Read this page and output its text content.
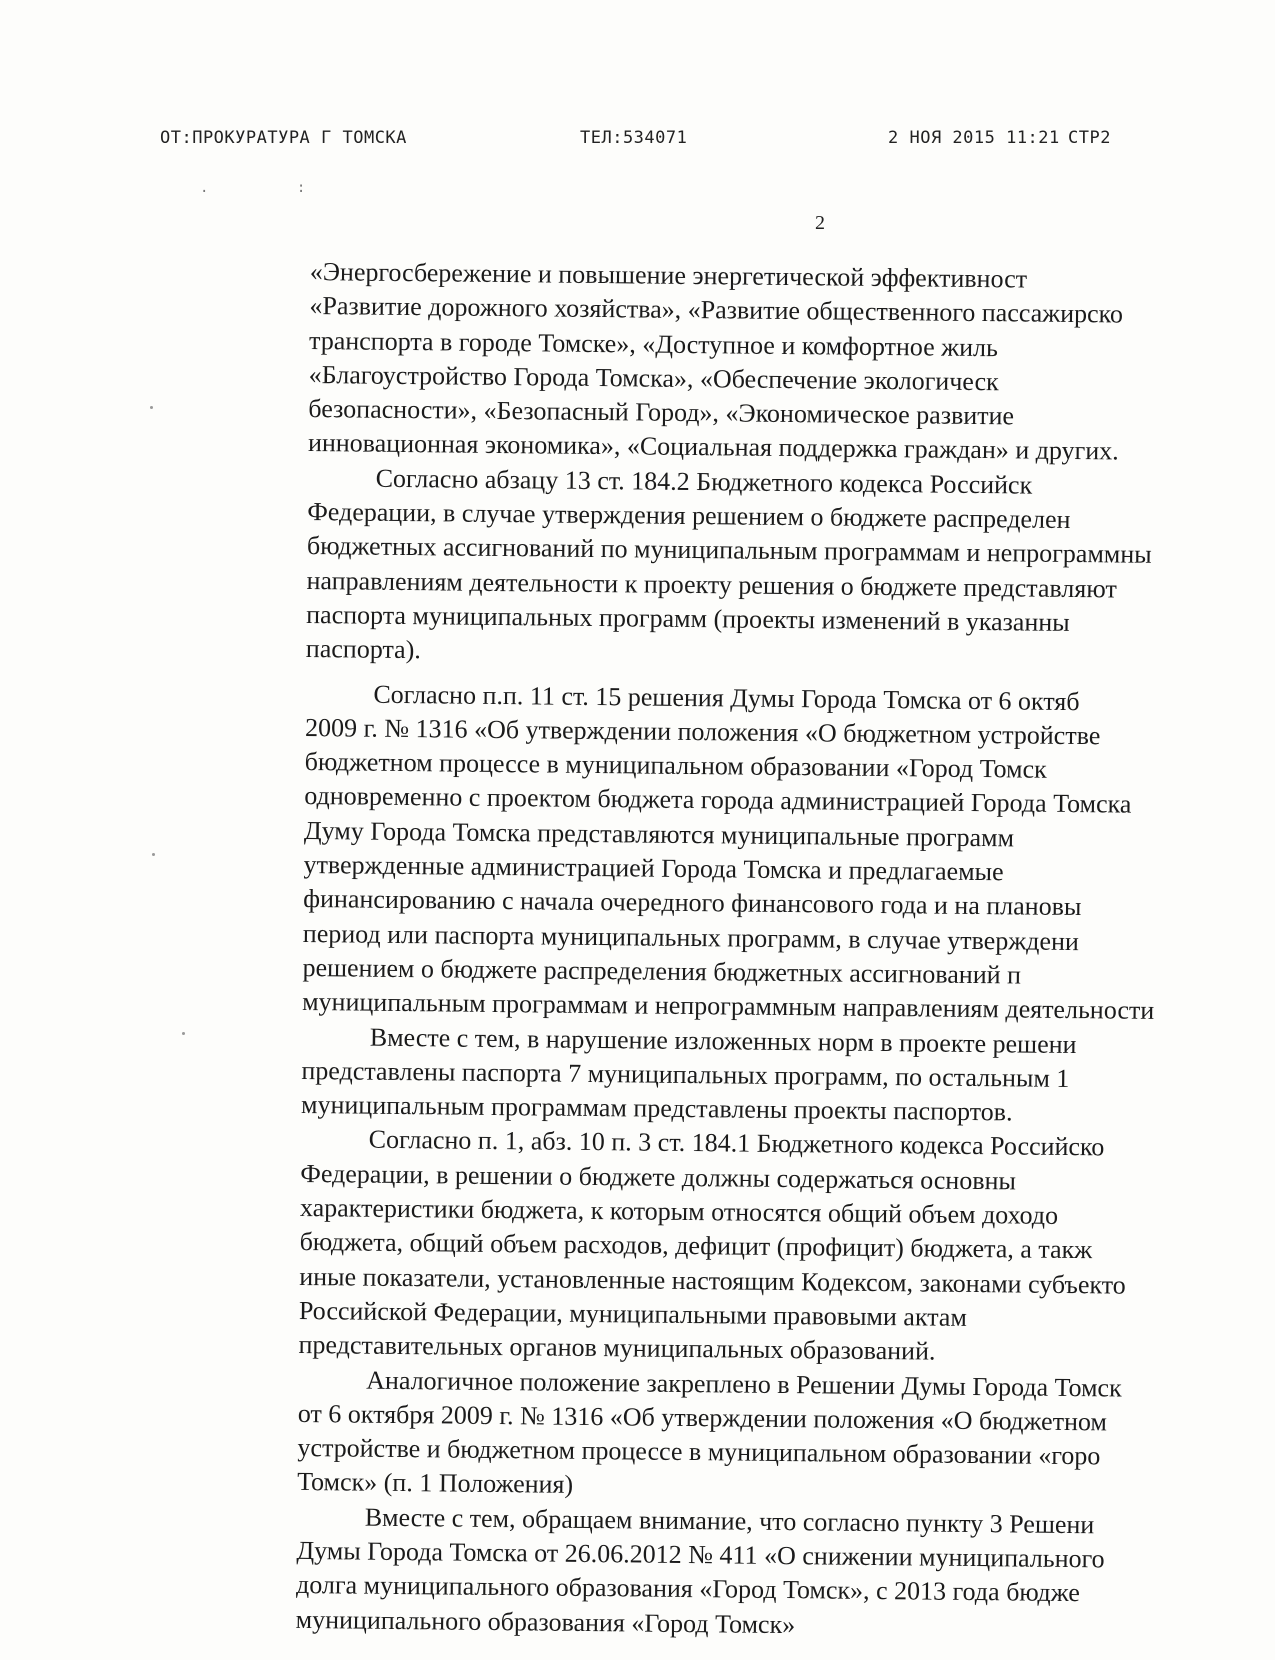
ОТ:ПРОКУРАТУРА Г ТОМСКА	ТЕЛ:534071	2 НОЯ 2015 11:21 СТР2
. :
2

«Энергосбережение и повышение энергетической эффективност

«Развитие дорожного хозяйства», «Развитие общественного пассажирско

транспорта в городе Томске», «Доступное и комфортное жиль

«Благоустройство Города Томска», «Обеспечение экологическ

безопасности», «Безопасный Город», «Экономическое развитие

инновационная экономика», «Социальная поддержка граждан» и других.

Согласно абзацу 13 ст. 184.2 Бюджетного кодекса Российск

Федерации, в случае утверждения решением о бюджете распределен

бюджетных ассигнований по муниципальным программам и непрограммны

направлениям деятельности к проекту решения о бюджете представляют

паспорта муниципальных программ (проекты изменений в указанны

паспорта).

Согласно п.п. 11 ст. 15 решения Думы Города Томска от 6 октяб

2009 г. № 1316 «Об утверждении положения «О бюджетном устройстве

бюджетном процессе в муниципальном образовании «Город Томск

одновременно с проектом бюджета города администрацией Города Томска

Думу Города Томска представляются муниципальные программ

утвержденные администрацией Города Томска и предлагаемые

финансированию с начала очередного финансового года и на плановы

период или паспорта муниципальных программ, в случае утверждени

решением о бюджете распределения бюджетных ассигнований п

муниципальным программам и непрограммным направлениям деятельности

Вместе с тем, в нарушение изложенных норм в проекте решени

представлены паспорта 7 муниципальных программ, по остальным 1

муниципальным программам представлены проекты паспортов.

Согласно п. 1, абз. 10 п. 3 ст. 184.1 Бюджетного кодекса Российско

Федерации, в решении о бюджете должны содержаться основны

характеристики бюджета, к которым относятся общий объем доходо

бюджета, общий объем расходов, дефицит (профицит) бюджета, а такж

иные показатели, установленные настоящим Кодексом, законами субъекто

Российской Федерации, муниципальными правовыми актам

представительных органов муниципальных образований.

Аналогичное положение закреплено в Решении Думы Города Томск

от 6 октября 2009 г. № 1316 «Об утверждении положения «О бюджетном

устройстве и бюджетном процессе в муниципальном образовании «горо

Томск» (п. 1 Положения)

Вместе с тем, обращаем внимание, что согласно пункту 3 Решени

Думы Города Томска от 26.06.2012 № 411 «О снижении муниципального

долга муниципального образования «Город Томск», с 2013 года бюдже

муниципального образования «Город Томск»
